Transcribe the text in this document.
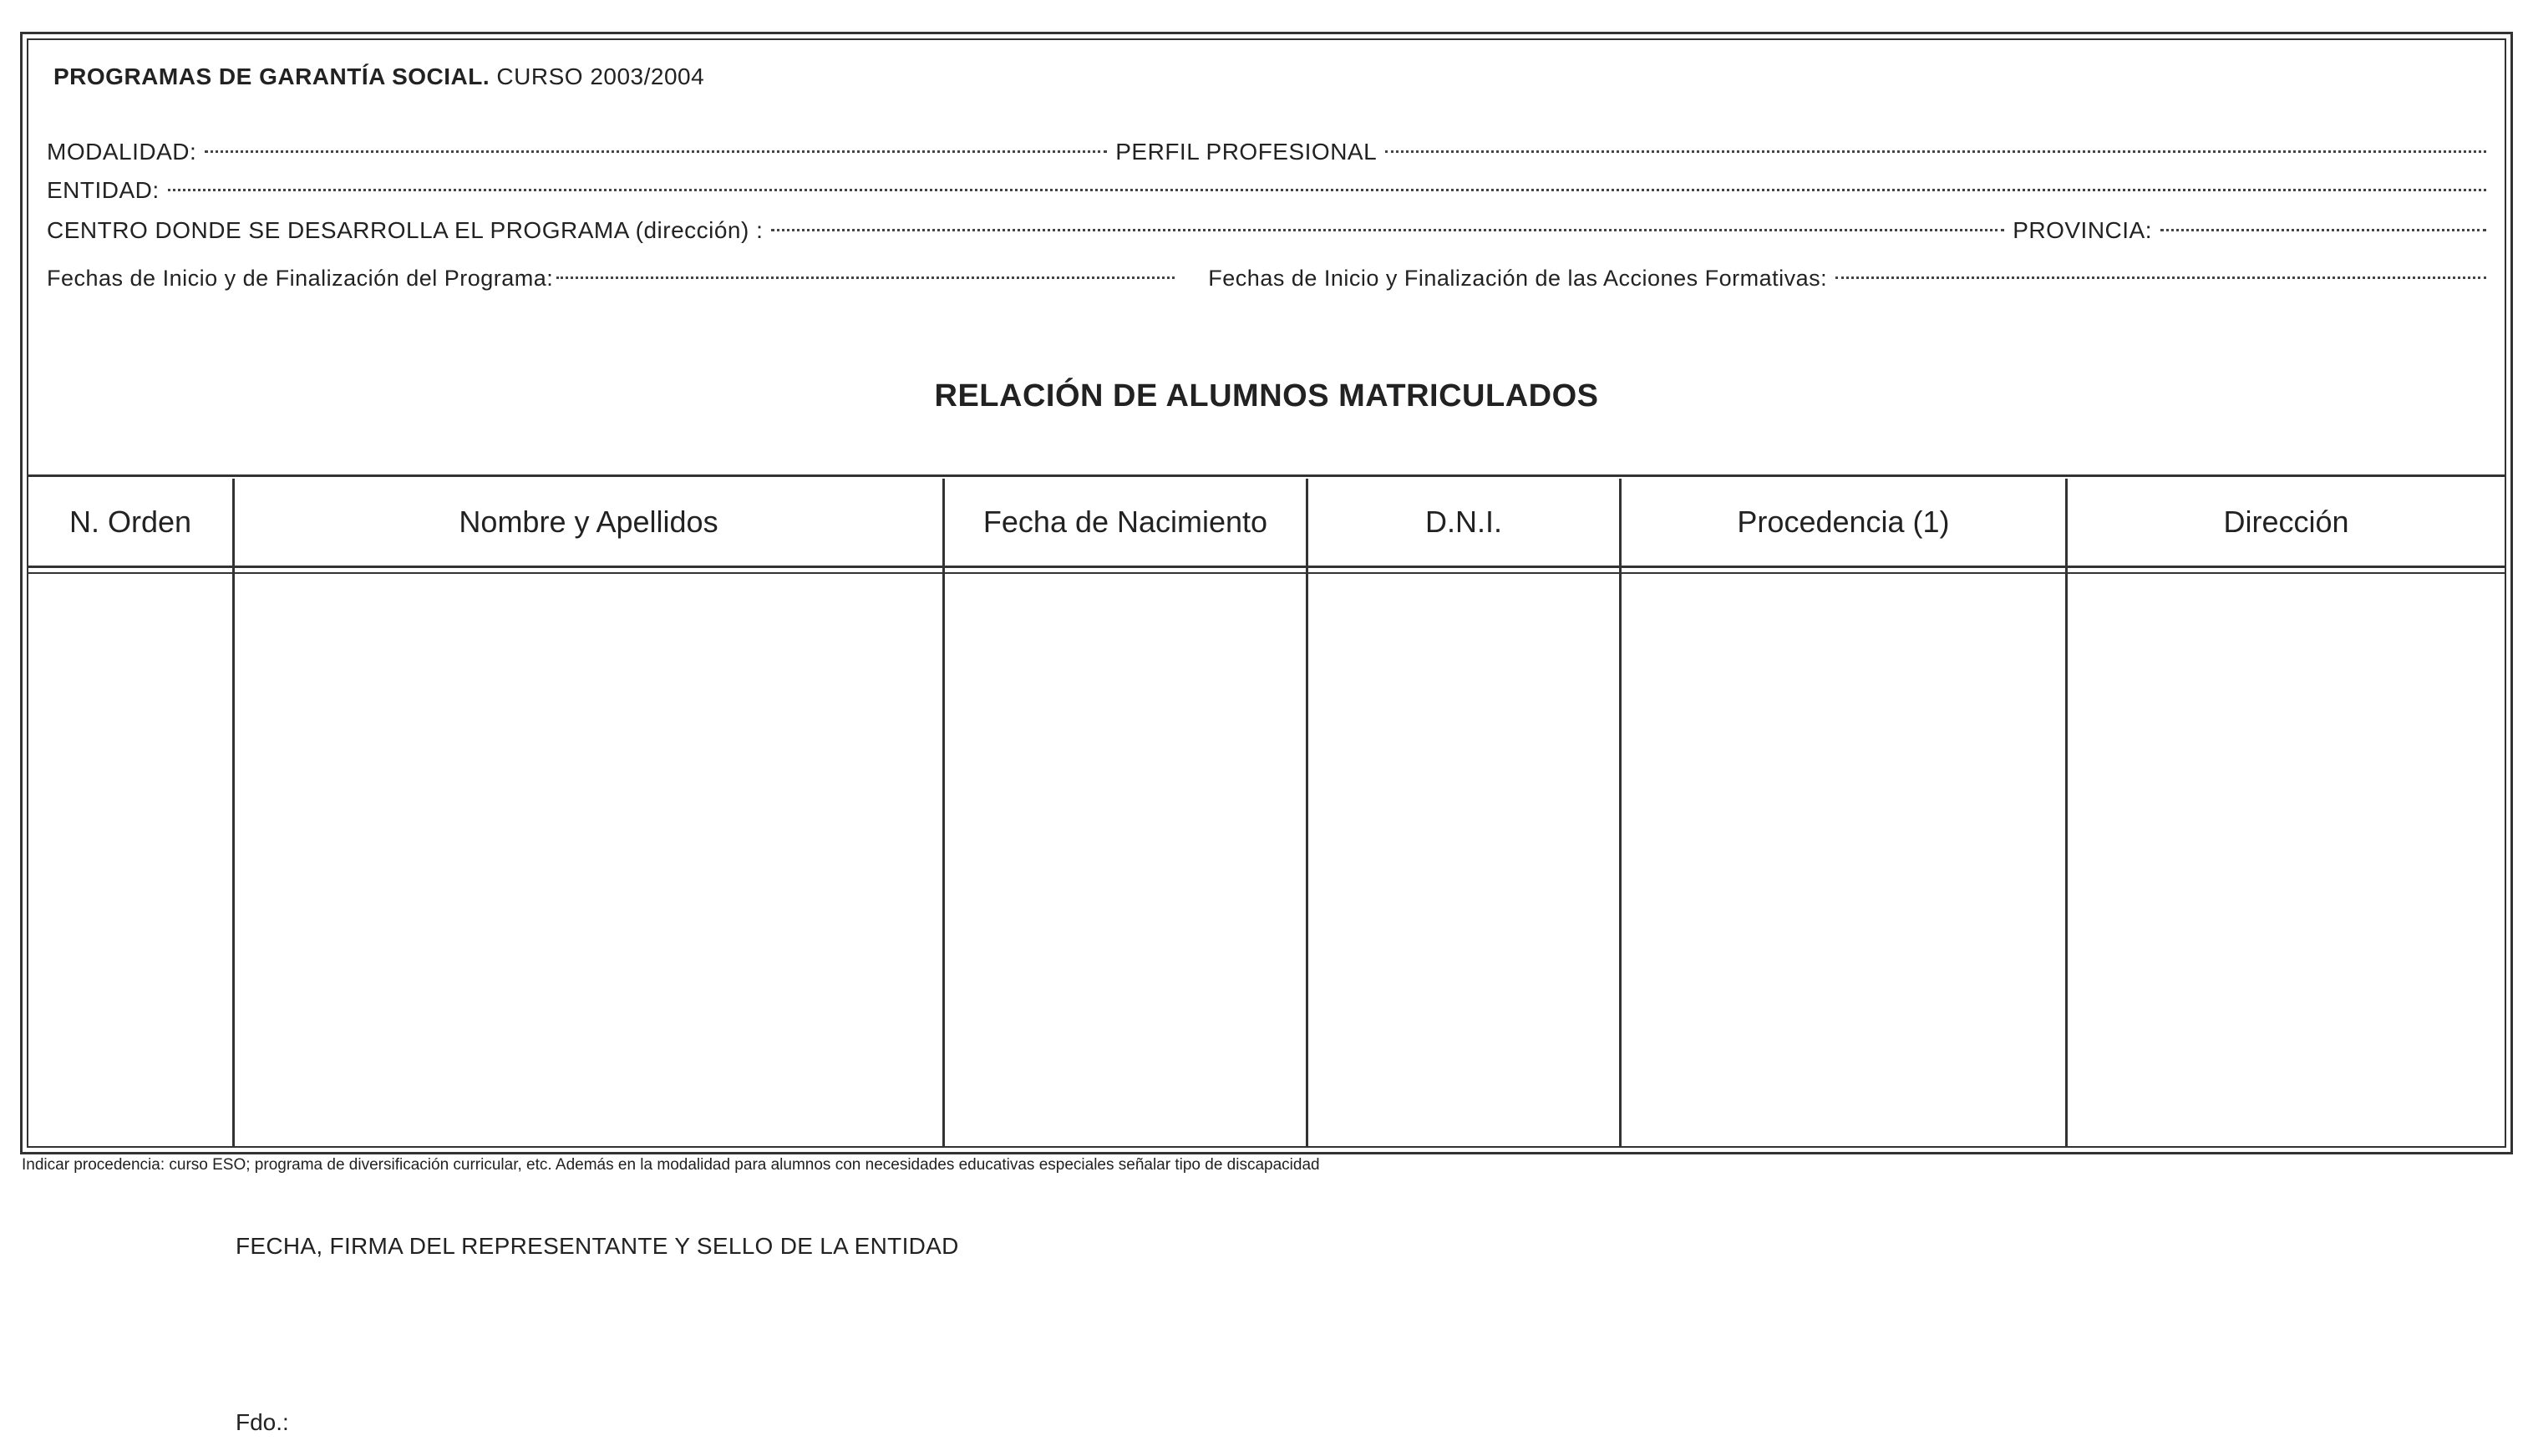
PROGRAMAS DE GARANTÍA SOCIAL. CURSO 2003/2004
MODALIDAD:	PERFIL PROFESIONAL
ENTIDAD:
CENTRO DONDE SE DESARROLLA EL PROGRAMA (dirección) :	PROVINCIA:
Fechas de Inicio y de Finalización del Programa:	Fechas de Inicio y Finalización de las Acciones Formativas:
RELACIÓN DE ALUMNOS MATRICULADOS
N. Orden	Nombre y Apellidos	Fecha de Nacimiento	D.N.I.	Procedencia (1)	Dirección
Indicar procedencia: curso ESO; programa de diversificación curricular, etc. Además en la modalidad para alumnos con necesidades educativas especiales señalar tipo de discapacidad
FECHA, FIRMA DEL REPRESENTANTE Y SELLO DE LA ENTIDAD
Fdo.:
